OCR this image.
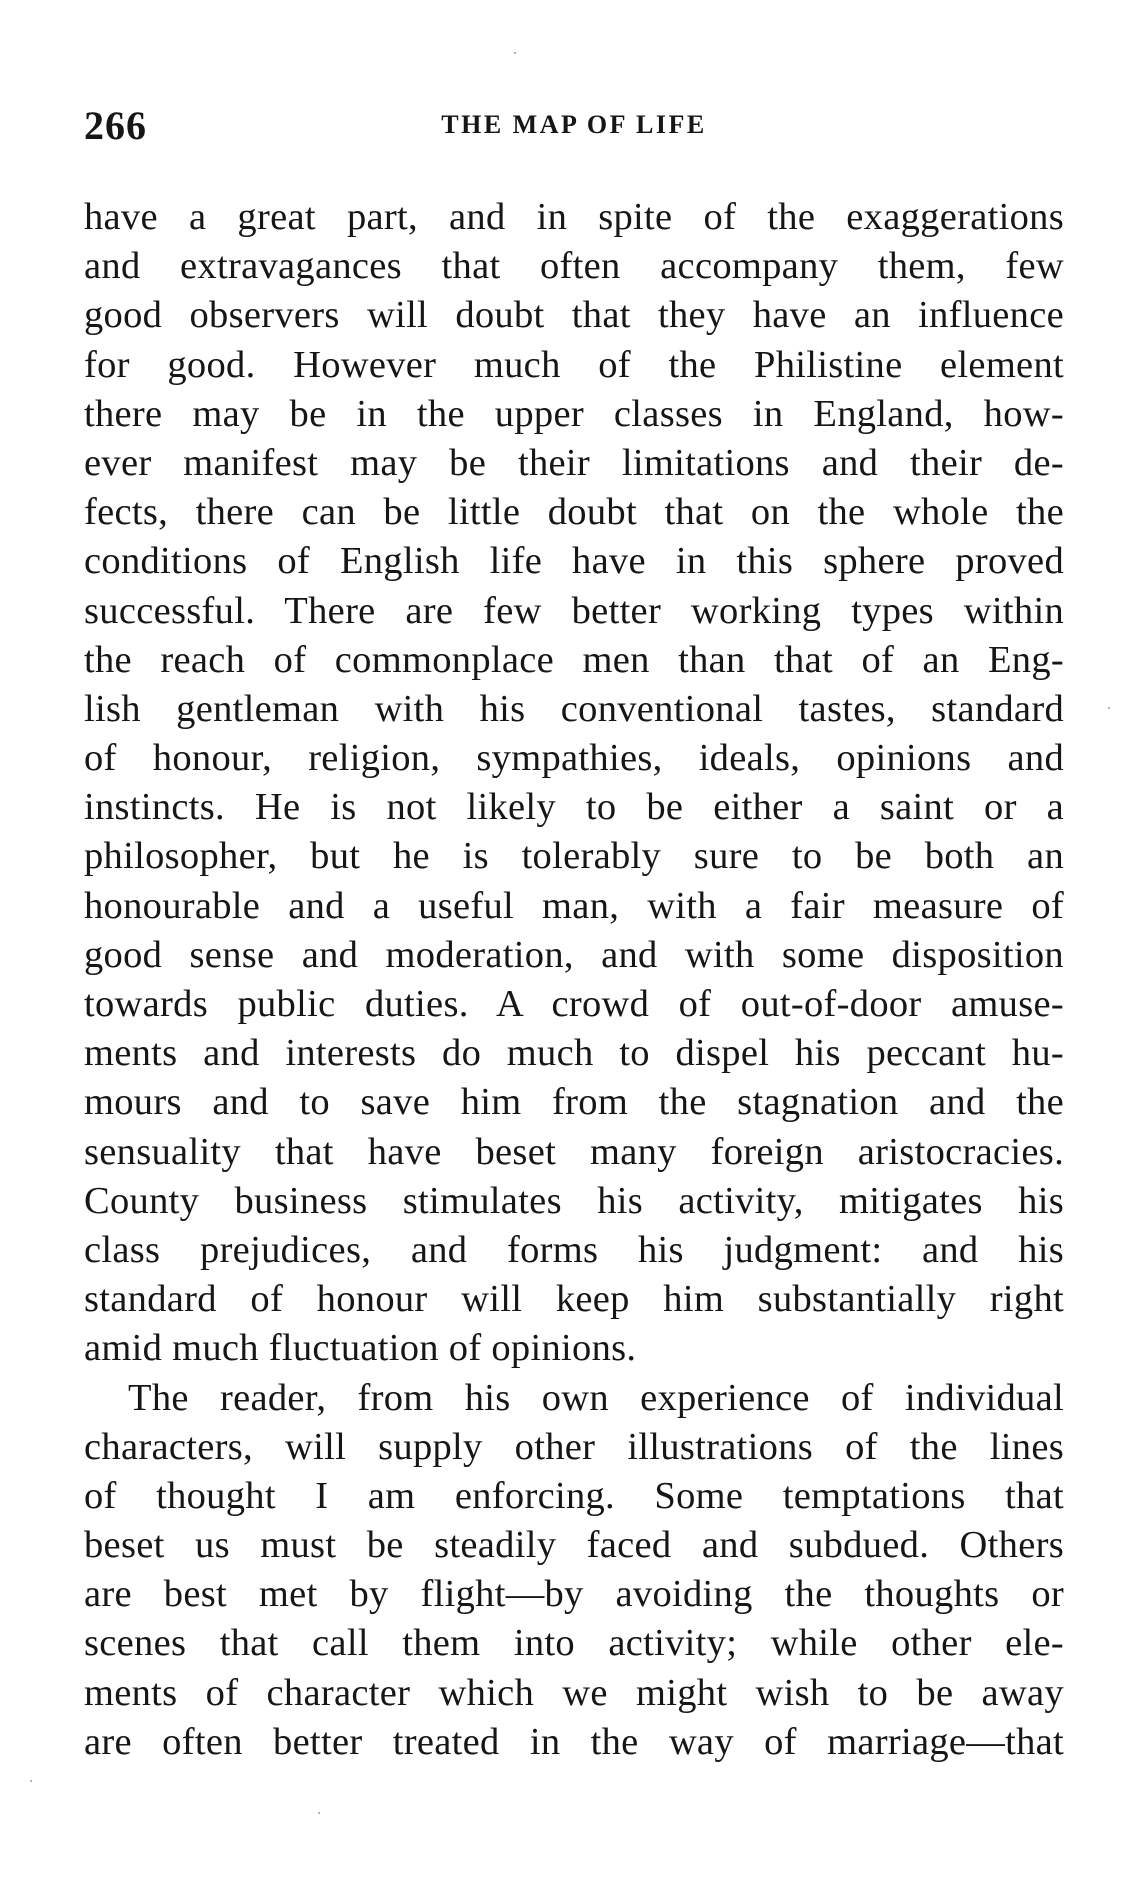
266	THE MAP OF LIFE
have a great part, and in spite of the exaggerations
and extravagances that often accompany them, few
good observers will doubt that they have an influence
for good. However much of the Philistine element
there may be in the upper classes in England, how-
ever manifest may be their limitations and their de-
fects, there can be little doubt that on the whole the
conditions of English life have in this sphere proved
successful. There are few better working types within
the reach of commonplace men than that of an Eng-
lish gentleman with his conventional tastes, standard
of honour, religion, sympathies, ideals, opinions and
instincts. He is not likely to be either a saint or a
philosopher, but he is tolerably sure to be both an
honourable and a useful man, with a fair measure of
good sense and moderation, and with some disposition
towards public duties. A crowd of out-of-door amuse-
ments and interests do much to dispel his peccant hu-
mours and to save him from the stagnation and the
sensuality that have beset many foreign aristocracies.
County business stimulates his activity, mitigates his
class prejudices, and forms his judgment: and his
standard of honour will keep him substantially right
amid much fluctuation of opinions.
The reader, from his own experience of individual
characters, will supply other illustrations of the lines
of thought I am enforcing. Some temptations that
beset us must be steadily faced and subdued. Others
are best met by flight—by avoiding the thoughts or
scenes that call them into activity; while other ele-
ments of character which we might wish to be away
are often better treated in the way of marriage—that
